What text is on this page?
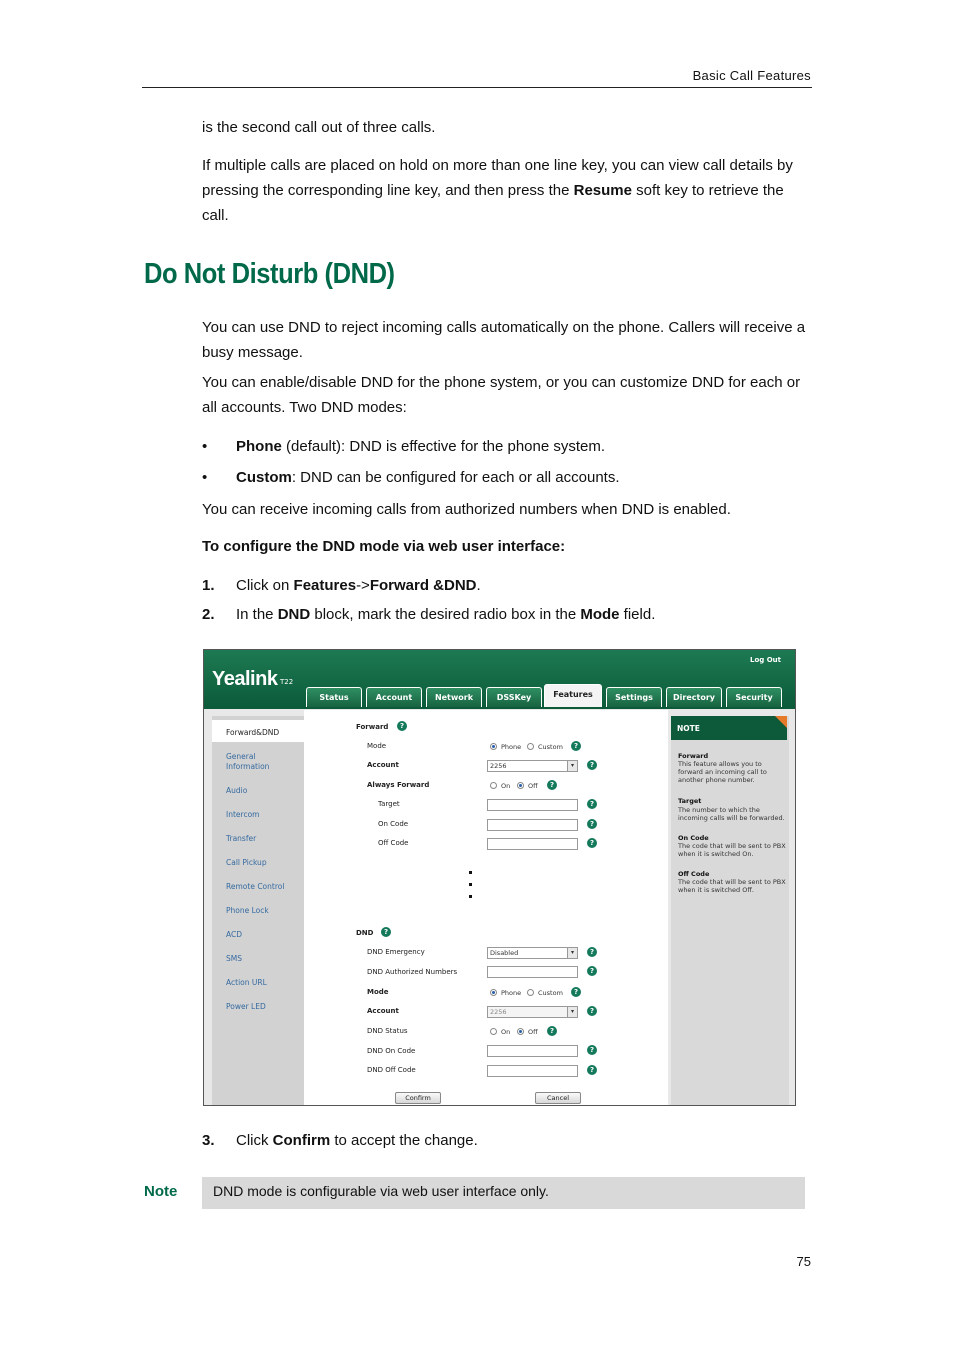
Basic Call Features
is the second call out of three calls.
If multiple calls are placed on hold on more than one line key, you can view call details by pressing the corresponding line key, and then press the Resume soft key to retrieve the call.
Do Not Disturb (DND)
You can use DND to reject incoming calls automatically on the phone. Callers will receive a busy message.
You can enable/disable DND for the phone system, or you can customize DND for each or all accounts. Two DND modes:
• Phone (default): DND is effective for the phone system.
• Custom: DND can be configured for each or all accounts.
You can receive incoming calls from authorized numbers when DND is enabled.
To configure the DND mode via web user interface:
1. Click on Features->Forward &DND.
2. In the DND block, mark the desired radio box in the Mode field.
Yealink T22
Log Out
Status	Account	Network	DSSKey	Features	Settings	Directory	Security
Forward&DND
General Information
Audio
Intercom
Transfer
Call Pickup
Remote Control
Phone Lock
ACD
SMS
Action URL
Power LED
Forward	?
Mode	Phone	Custom	?
Account	2256	▾	?
Always Forward	On	Off	?
Target	?
On Code	?
Off Code	?
DND	?
DND Emergency	Disabled	▾	?
DND Authorized Numbers	?
Mode	Phone	Custom	?
Account	2256	▾	?
DND Status	On	Off	?
DND On Code	?
DND Off Code	?
Confirm	Cancel
NOTE
Forward
This feature allows you to forward an incoming call to another phone number.
Target
The number to which the incoming calls will be forwarded.
On Code
The code that will be sent to PBX when it is switched On.
Off Code
The code that will be sent to PBX when it is switched Off.
3. Click Confirm to accept the change.
Note	DND mode is configurable via web user interface only.
75
